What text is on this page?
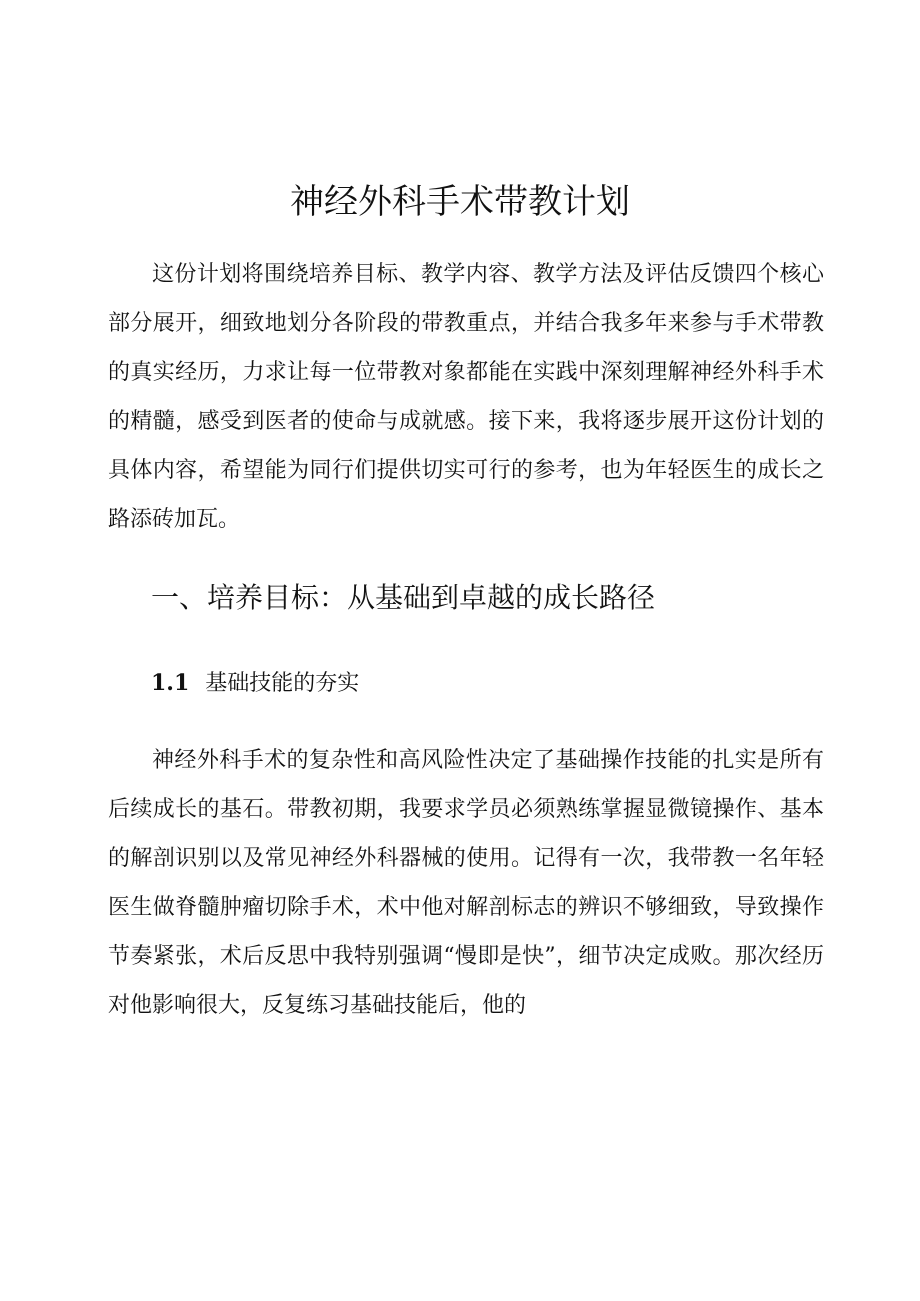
神经外科手术带教计划

这份计划将围绕培养目标、教学内容、教学方法及评估反馈四个核心部分展开，细致地划分各阶段的带教重点，并结合我多年来参与手术带教的真实经历，力求让每一位带教对象都能在实践中深刻理解神经外科手术的精髓，感受到医者的使命与成就感。接下来，我将逐步展开这份计划的具体内容，希望能为同行们提供切实可行的参考，也为年轻医生的成长之路添砖加瓦。

一、培养目标：从基础到卓越的成长路径
1.1 基础技能的夯实

神经外科手术的复杂性和高风险性决定了基础操作技能的扎实是所有后续成长的基石。带教初期，我要求学员必须熟练掌握显微镜操作、基本的解剖识别以及常见神经外科器械的使用。记得有一次，我带教一名年轻医生做脊髓肿瘤切除手术，术中他对解剖标志的辨识不够细致，导致操作节奏紧张，术后反思中我特别强调“慢即是快”，细节决定成败。那次经历对他影响很大，反复练习基础技能后，他的
